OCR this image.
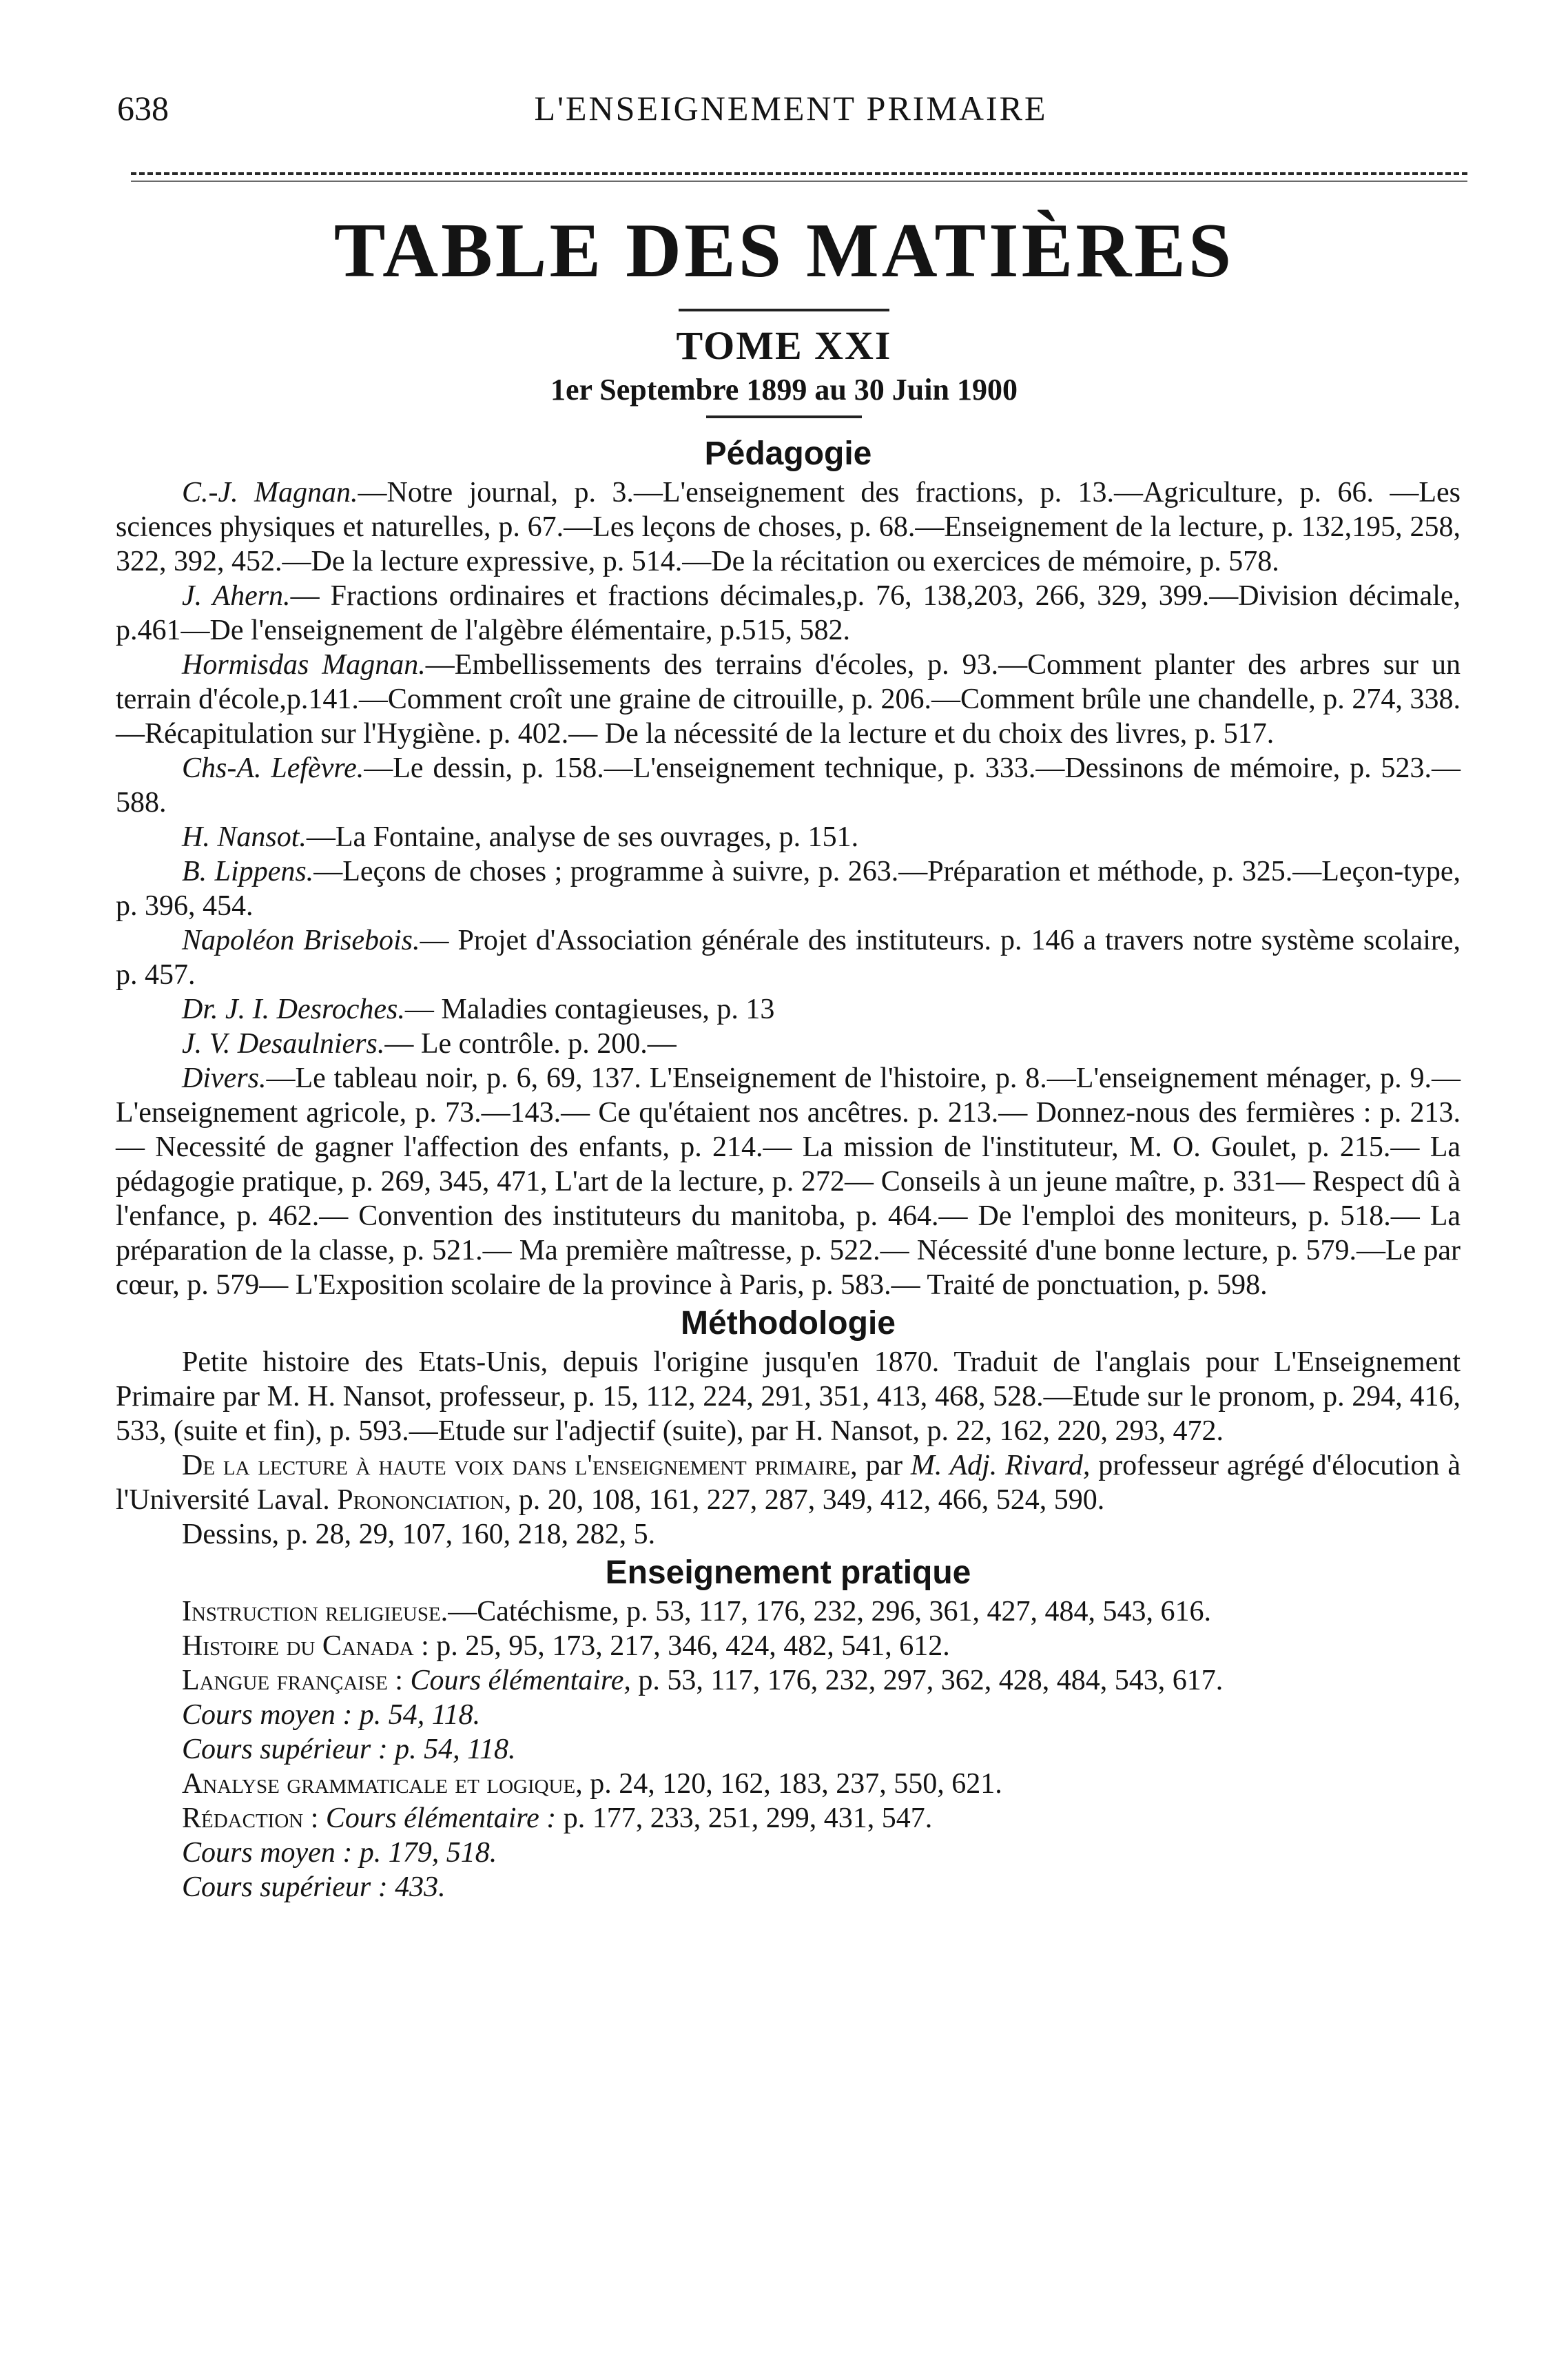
638	L'ENSEIGNEMENT PRIMAIRE
TABLE DES MATIÈRES
TOME XXI
1er Septembre 1899 au 30 Juin 1900
Pédagogie

C.-J. Magnan.—Notre journal, p. 3.—L'enseignement des fractions, p. 13.—Agriculture, p. 66. —Les sciences physiques et naturelles, p. 67.—Les leçons de choses, p. 68.—Enseignement de la lecture, p. 132,195, 258, 322, 392, 452.—De la lecture expressive, p. 514.—De la récitation ou exercices de mémoire, p. 578.

J. Ahern.— Fractions ordinaires et fractions décimales,p. 76, 138,203, 266, 329, 399.—Division décimale, p.461—De l'enseignement de l'algèbre élémentaire, p.515, 582.

Hormisdas Magnan.—Embellissements des terrains d'écoles, p. 93.—Comment planter des arbres sur un terrain d'école,p.141.—Comment croît une graine de citrouille, p. 206.—Comment brûle une chandelle, p. 274, 338.—Récapitulation sur l'Hygiène. p. 402.— De la nécessité de la lecture et du choix des livres, p. 517.

Chs-A. Lefèvre.—Le dessin, p. 158.—L'enseignement technique, p. 333.—Dessinons de mémoire, p. 523.—588.

H. Nansot.—La Fontaine, analyse de ses ouvrages, p. 151.

B. Lippens.—Leçons de choses ; programme à suivre, p. 263.—Préparation et méthode, p. 325.—Leçon-type, p. 396, 454.

Napoléon Brisebois.— Projet d'Association générale des instituteurs. p. 146 a travers notre système scolaire, p. 457.

Dr. J. I. Desroches.— Maladies contagieuses, p. 13

J. V. Desaulniers.— Le contrôle. p. 200.—

Divers.—Le tableau noir, p. 6, 69, 137. L'Enseignement de l'histoire, p. 8.—L'enseignement ménager, p. 9.— L'enseignement agricole, p. 73.—143.— Ce qu'étaient nos ancêtres. p. 213.— Donnez-nous des fermières : p. 213.— Necessité de gagner l'affection des enfants, p. 214.— La mission de l'instituteur, M. O. Goulet, p. 215.— La pédagogie pratique, p. 269, 345, 471, L'art de la lecture, p. 272— Conseils à un jeune maître, p. 331— Respect dû à l'enfance, p. 462.— Convention des instituteurs du manitoba, p. 464.— De l'emploi des moniteurs, p. 518.— La préparation de la classe, p. 521.— Ma première maîtresse, p. 522.— Nécessité d'une bonne lecture, p. 579.—Le par cœur, p. 579— L'Exposition scolaire de la province à Paris, p. 583.— Traité de ponctuation, p. 598.

Méthodologie

Petite histoire des Etats-Unis, depuis l'origine jusqu'en 1870. Traduit de l'anglais pour L'Enseignement Primaire par M. H. Nansot, professeur, p. 15, 112, 224, 291, 351, 413, 468, 528.—Etude sur le pronom, p. 294, 416, 533, (suite et fin), p. 593.—Etude sur l'adjectif (suite), par H. Nansot, p. 22, 162, 220, 293, 472.

De la lecture à haute voix dans l'enseignement primaire, par M. Adj. Rivard, professeur agrégé d'élocution à l'Université Laval. Prononciation, p. 20, 108, 161, 227, 287, 349, 412, 466, 524, 590.

Dessins, p. 28, 29, 107, 160, 218, 282, 5.

Enseignement pratique

Instruction religieuse.—Catéchisme, p. 53, 117, 176, 232, 296, 361, 427, 484, 543, 616.

Histoire du Canada : p. 25, 95, 173, 217, 346, 424, 482, 541, 612.

Langue française : Cours élémentaire, p. 53, 117, 176, 232, 297, 362, 428, 484, 543, 617.

Cours moyen : p. 54, 118.

Cours supérieur : p. 54, 118.

Analyse grammaticale et logique, p. 24, 120, 162, 183, 237, 550, 621.

Rédaction : Cours élémentaire : p. 177, 233, 251, 299, 431, 547.

Cours moyen : p. 179, 518.

Cours supérieur : 433.
